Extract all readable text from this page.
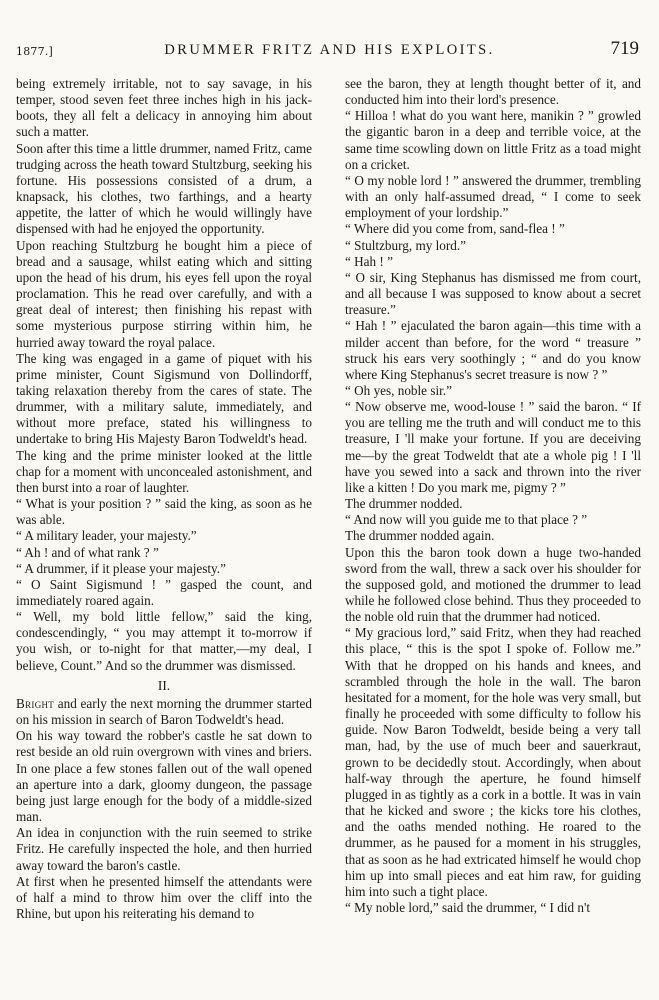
1877.]	DRUMMER FRITZ AND HIS EXPLOITS.	719

being extremely irritable, not to say savage, in his temper, stood seven feet three inches high in his jack-boots, they all felt a delicacy in annoying him about such a matter.

Soon after this time a little drummer, named Fritz, came trudging across the heath toward Stultzburg, seeking his fortune. His possessions consisted of a drum, a knapsack, his clothes, two farthings, and a hearty appetite, the latter of which he would willingly have dispensed with had he enjoyed the opportunity.

Upon reaching Stultzburg he bought him a piece of bread and a sausage, whilst eating which and sitting upon the head of his drum, his eyes fell upon the royal proclamation. This he read over carefully, and with a great deal of interest; then finishing his repast with some mysterious purpose stirring within him, he hurried away toward the royal palace.

The king was engaged in a game of piquet with his prime minister, Count Sigismund von Dollindorff, taking relaxation thereby from the cares of state. The drummer, with a military salute, immediately, and without more preface, stated his willingness to undertake to bring His Majesty Baron Todweldt's head.

The king and the prime minister looked at the little chap for a moment with unconcealed astonishment, and then burst into a roar of laughter.

“ What is your position ? ” said the king, as soon as he was able.

“ A military leader, your majesty.”

“ Ah ! and of what rank ? ”

“ A drummer, if it please your majesty.”

“ O Saint Sigismund ! ” gasped the count, and immediately roared again.

“ Well, my bold little fellow,” said the king, condescendingly, “ you may attempt it to-morrow if you wish, or to-night for that matter,—my deal, I believe, Count.” And so the drummer was dismissed.

II.

Bright and early the next morning the drummer started on his mission in search of Baron Todweldt's head.

On his way toward the robber's castle he sat down to rest beside an old ruin overgrown with vines and briers. In one place a few stones fallen out of the wall opened an aperture into a dark, gloomy dungeon, the passage being just large enough for the body of a middle-sized man.

An idea in conjunction with the ruin seemed to strike Fritz. He carefully inspected the hole, and then hurried away toward the baron's castle.

At first when he presented himself the attendants were of half a mind to throw him over the cliff into the Rhine, but upon his reiterating his demand to

see the baron, they at length thought better of it, and conducted him into their lord's presence.

“ Hilloa ! what do you want here, manikin ? ” growled the gigantic baron in a deep and terrible voice, at the same time scowling down on little Fritz as a toad might on a cricket.

“ O my noble lord ! ” answered the drummer, trembling with an only half-assumed dread, “ I come to seek employment of your lordship.”

“ Where did you come from, sand-flea ! ”

“ Stultzburg, my lord.”

“ Hah ! ”

“ O sir, King Stephanus has dismissed me from court, and all because I was supposed to know about a secret treasure.”

“ Hah ! ” ejaculated the baron again—this time with a milder accent than before, for the word “ treasure ” struck his ears very soothingly ; “ and do you know where King Stephanus's secret treasure is now ? ”

“ Oh yes, noble sir.”

“ Now observe me, wood-louse ! ” said the baron. “ If you are telling me the truth and will conduct me to this treasure, I 'll make your fortune. If you are deceiving me—by the great Todweldt that ate a whole pig ! I 'll have you sewed into a sack and thrown into the river like a kitten ! Do you mark me, pigmy ? ”

The drummer nodded.

“ And now will you guide me to that place ? ”

The drummer nodded again.

Upon this the baron took down a huge two-handed sword from the wall, threw a sack over his shoulder for the supposed gold, and motioned the drummer to lead while he followed close behind. Thus they proceeded to the noble old ruin that the drummer had noticed.

“ My gracious lord,” said Fritz, when they had reached this place, “ this is the spot I spoke of. Follow me.” With that he dropped on his hands and knees, and scrambled through the hole in the wall. The baron hesitated for a moment, for the hole was very small, but finally he proceeded with some difficulty to follow his guide. Now Baron Todweldt, beside being a very tall man, had, by the use of much beer and sauerkraut, grown to be decidedly stout. Accordingly, when about half-way through the aperture, he found himself plugged in as tightly as a cork in a bottle. It was in vain that he kicked and swore ; the kicks tore his clothes, and the oaths mended nothing. He roared to the drummer, as he paused for a moment in his struggles, that as soon as he had extricated himself he would chop him up into small pieces and eat him raw, for guiding him into such a tight place.

“ My noble lord,” said the drummer, “ I did n't
